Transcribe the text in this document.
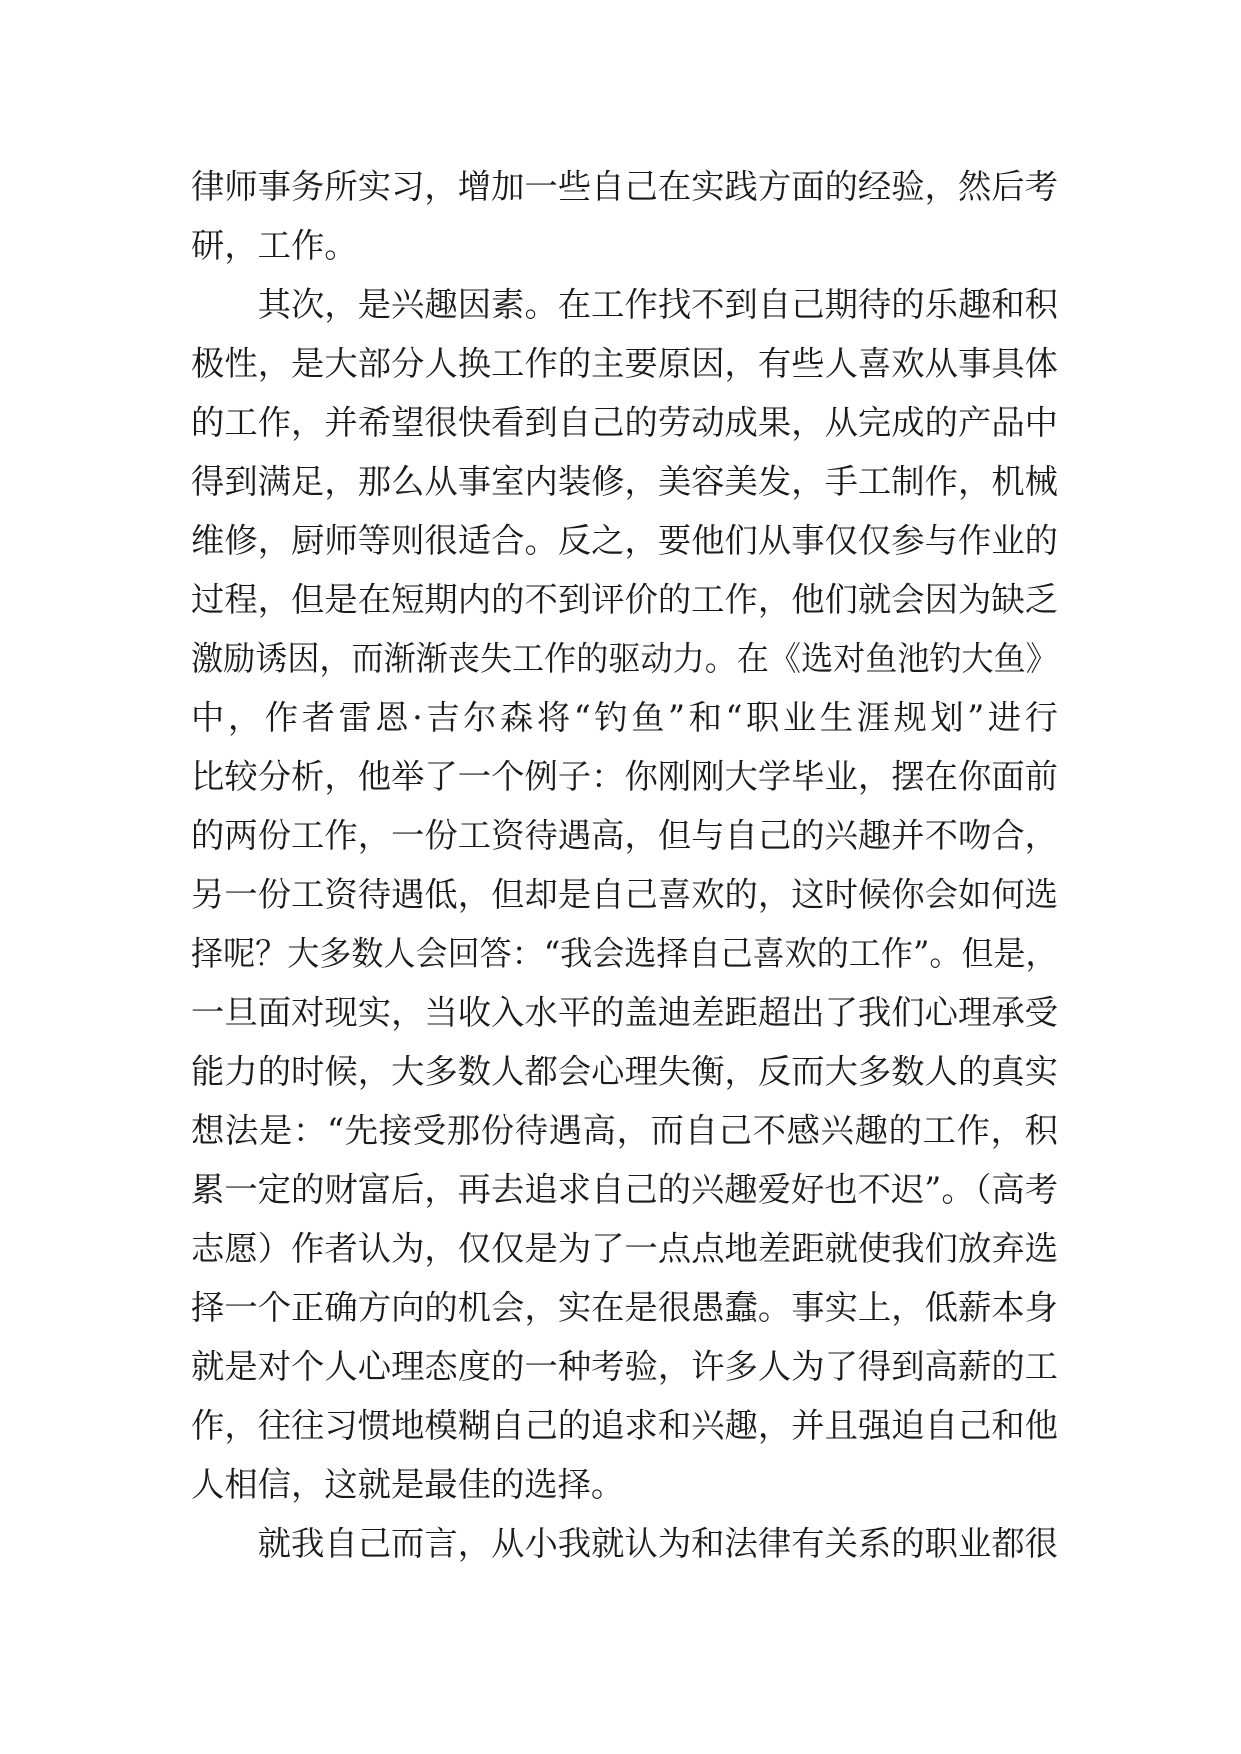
律师事务所实习，增加一些自己在实践方面的经验，然后考
研，工作。
其次，是兴趣因素。在工作找不到自己期待的乐趣和积
极性，是大部分人换工作的主要原因，有些人喜欢从事具体
的工作，并希望很快看到自己的劳动成果，从完成的产品中
得到满足，那么从事室内装修，美容美发，手工制作，机械
维修，厨师等则很适合。反之，要他们从事仅仅参与作业的
过程，但是在短期内的不到评价的工作，他们就会因为缺乏
激励诱因，而渐渐丧失工作的驱动力。在《选对鱼池钓大鱼》
中，作者雷恩·吉尔森将“钓鱼”和“职业生涯规划”进行
比较分析，他举了一个例子：你刚刚大学毕业，摆在你面前
的两份工作，一份工资待遇高，但与自己的兴趣并不吻合，
另一份工资待遇低，但却是自己喜欢的，这时候你会如何选
择呢？大多数人会回答：“我会选择自己喜欢的工作”。但是，
一旦面对现实，当收入水平的盖迪差距超出了我们心理承受
能力的时候，大多数人都会心理失衡，反而大多数人的真实
想法是：“先接受那份待遇高，而自己不感兴趣的工作，积
累一定的财富后，再去追求自己的兴趣爱好也不迟”。（高考
志愿）作者认为，仅仅是为了一点点地差距就使我们放弃选
择一个正确方向的机会，实在是很愚蠢。事实上，低薪本身
就是对个人心理态度的一种考验，许多人为了得到高薪的工
作，往往习惯地模糊自己的追求和兴趣，并且强迫自己和他
人相信，这就是最佳的选择。
就我自己而言，从小我就认为和法律有关系的职业都很
